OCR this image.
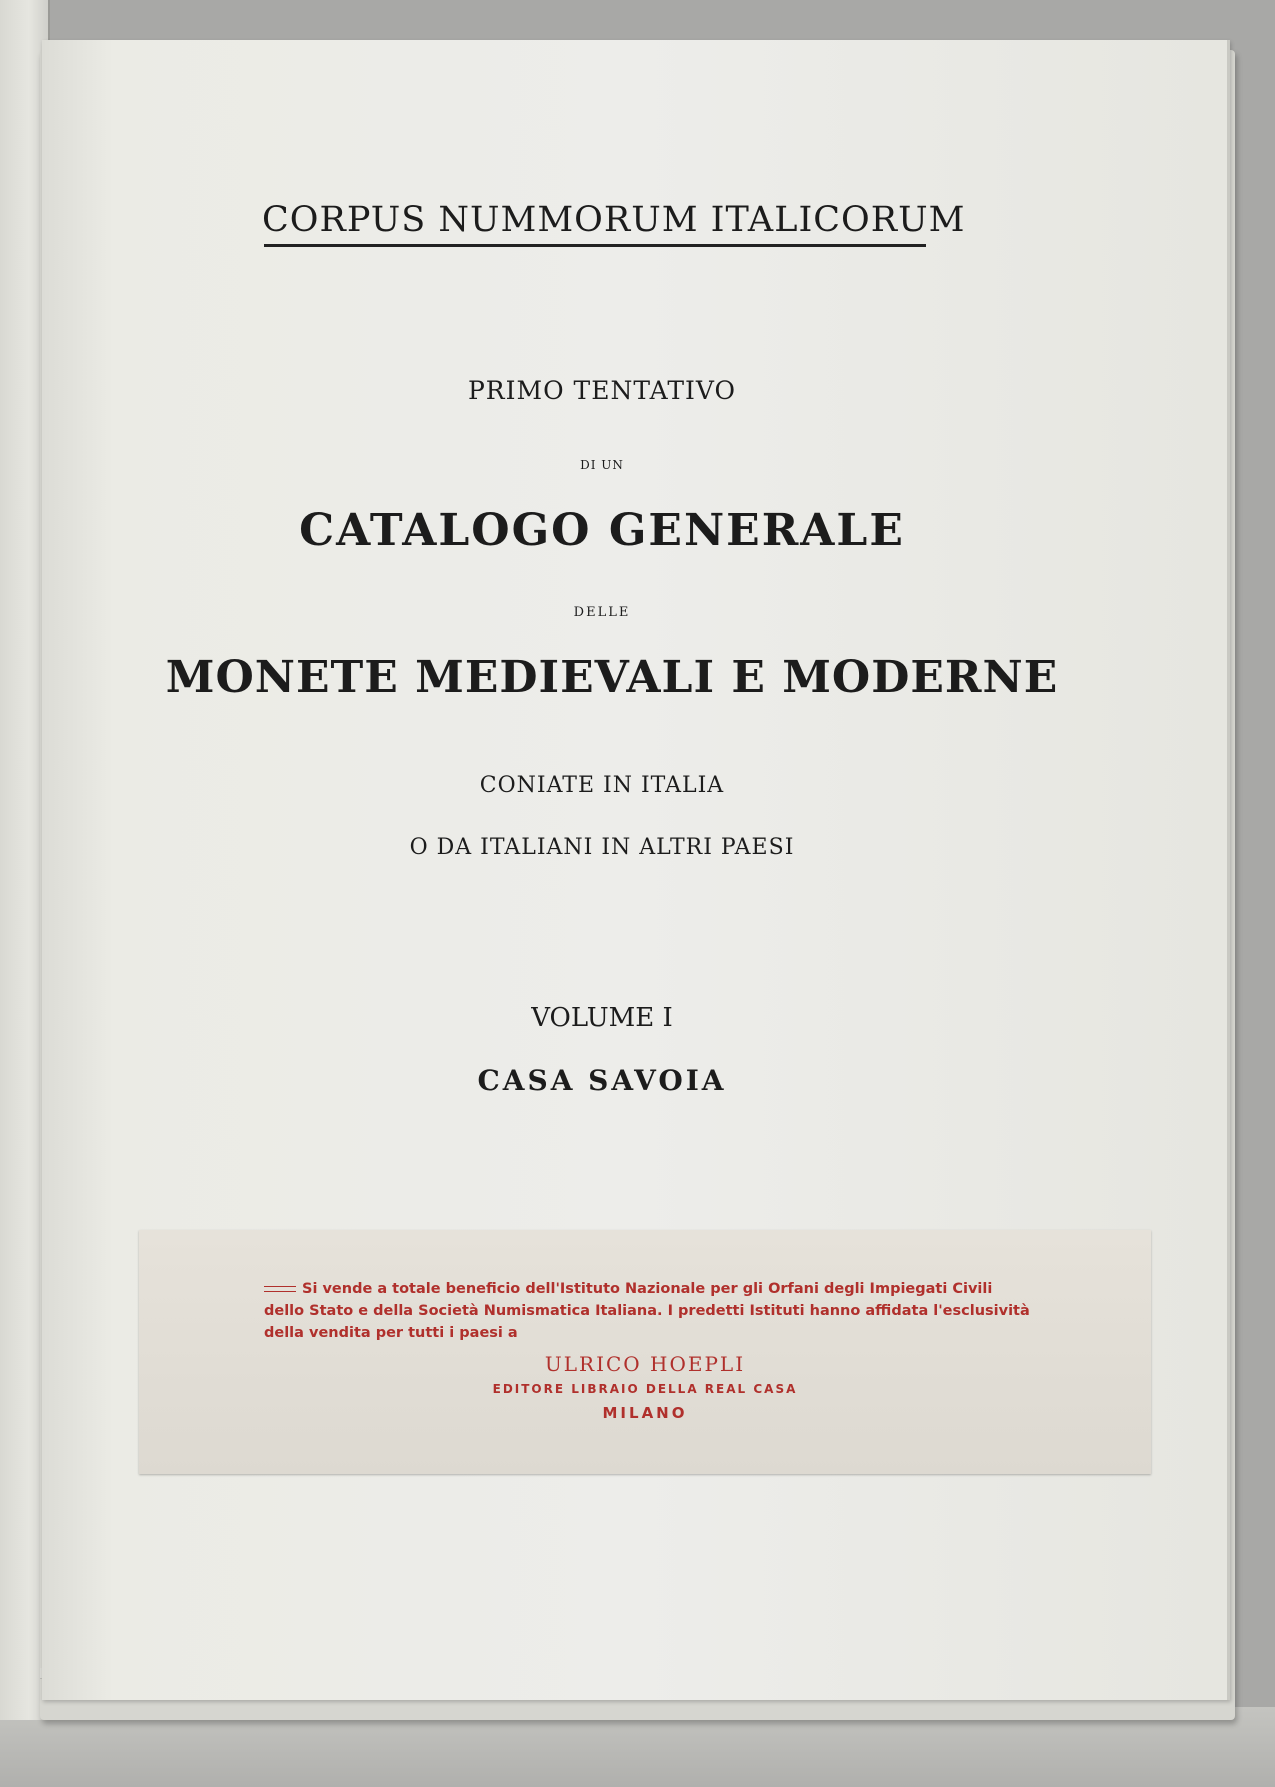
CORPUS NUMMORUM ITALICORUM
PRIMO TENTATIVO
DI UN
CATALOGO GENERALE
DELLE
MONETE MEDIEVALI E MODERNE
CONIATE IN ITALIA
O DA ITALIANI IN ALTRI PAESI
VOLUME I
CASA SAVOIA
Si vende a totale beneficio dell'Istituto Nazionale per gli Orfani degli Impiegati Civili
dello Stato e della Società Numismatica Italiana. I predetti Istituti hanno affidata l'esclusività
della vendita per tutti i paesi a
ULRICO HOEPLI
EDITORE LIBRAIO DELLA REAL CASA
MILANO
